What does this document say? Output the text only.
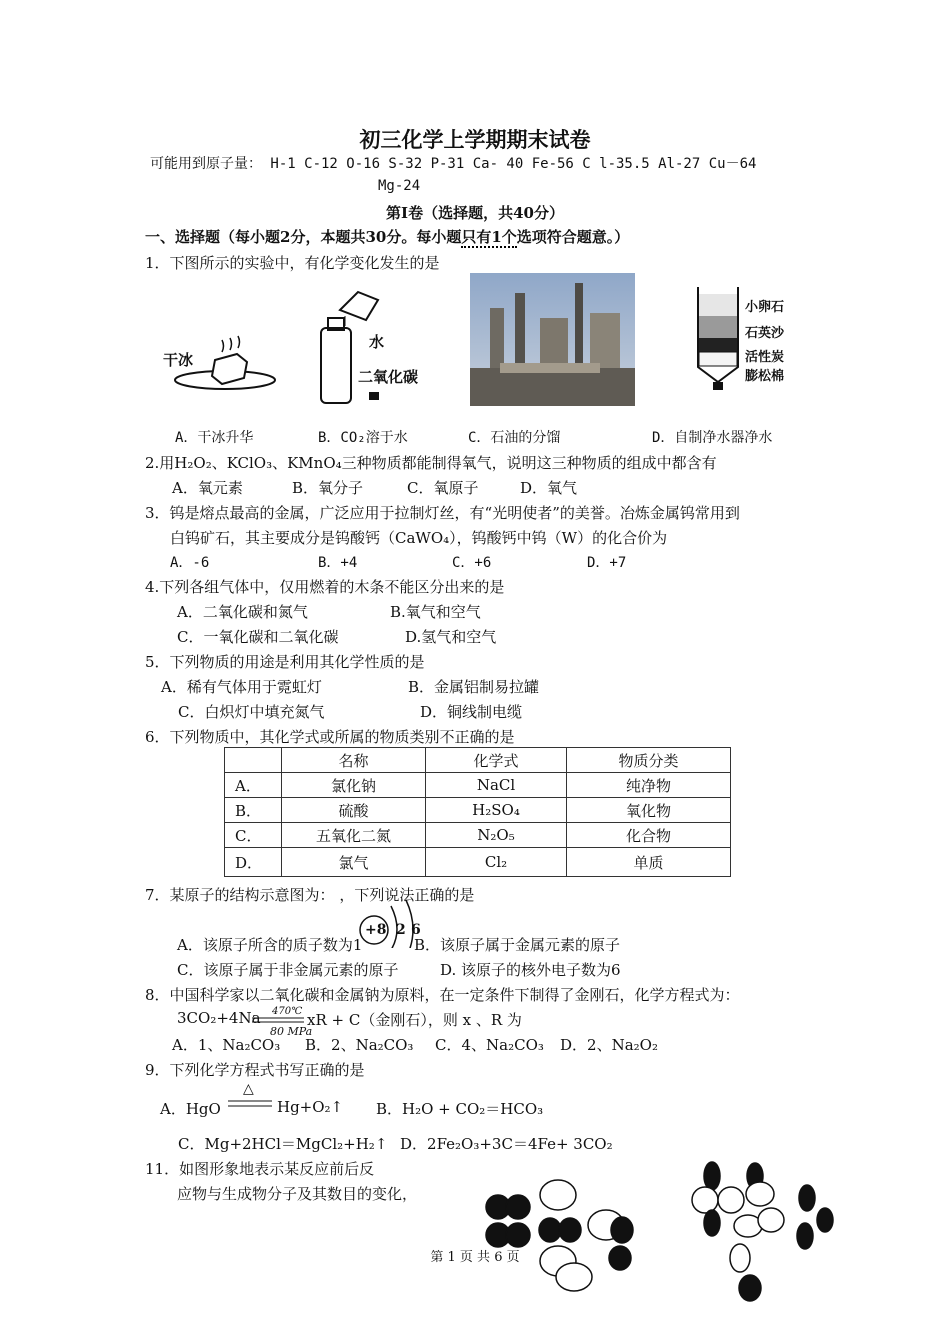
初三化学上学期期末试卷
可能用到原子量： H-1 C-12 O-16 S-32 P-31 Ca- 40 Fe-56 C l-35.5 Al-27 Cu－64
Mg-24
第Ⅰ卷（选择题，共40分）
一、选择题（每小题2分，本题共30分。每小题只有1个选项符合题意。）
1．下图所示的实验中，有化学变化发生的是
干冰
水
二氧化碳
小卵石
石英沙
活性炭
膨松棉
A．干冰升华	B．CO₂溶于水	C．石油的分馏	D．自制净水器净水
2.用H₂O₂、KClO₃、KMnO₄三种物质都能制得氧气，说明这三种物质的组成中都含有
A．氧元素	B．氧分子	C．氧原子	D．氧气
3．钨是熔点最高的金属，广泛应用于拉制灯丝，有“光明使者”的美誉。冶炼金属钨常用到
白钨矿石，其主要成分是钨酸钙（CaWO₄），钨酸钙中钨（W）的化合价为
A．-6	B．+4	C．+6	D．+7
4.下列各组气体中，仅用燃着的木条不能区分出来的是
A．二氧化碳和氮气	B.氧气和空气
C．一氧化碳和二氧化碳	D.氢气和空气
5．下列物质的用途是利用其化学性质的是
A．稀有气体用于霓虹灯	B．金属铝制易拉罐
C．白炽灯中填充氮气	D．铜线制电缆
6．下列物质中，其化学式或所属的物质类别不正确的是
	名称	化学式	物质分类
A．	氯化钠	NaCl	纯净物
B．	硫酸	H₂SO₄	氧化物
C．	五氧化二氮	N₂O₅	化合物
D．	氯气	Cl₂	单质
7．某原子的结构示意图为： ，下列说法正确的是
+8 2 6
A．该原子所含的质子数为1	B．该原子属于金属元素的原子
C．该原子属于非金属元素的原子	D. 该原子的核外电子数为6
8．中国科学家以二氧化碳和金属钠为原料，在一定条件下制得了金刚石，化学方程式为：
3CO₂+4Na 470℃
80 MPa
xR + C（金刚石），则 x 、R 为
A．1、Na₂CO₃ B．2、Na₂CO₃ C．4、Na₂CO₃ D．2、Na₂O₂
9．下列化学方程式书写正确的是
A．HgO
△
Hg+O₂↑ B．H₂O + CO₂＝HCO₃
C．Mg+2HCl＝MgCl₂+H₂↑ D．2Fe₂O₃+3C＝4Fe+ 3CO₂
11．如图形象地表示某反应前后反
应物与生成物分子及其数目的变化，
第 1 页 共 6 页
